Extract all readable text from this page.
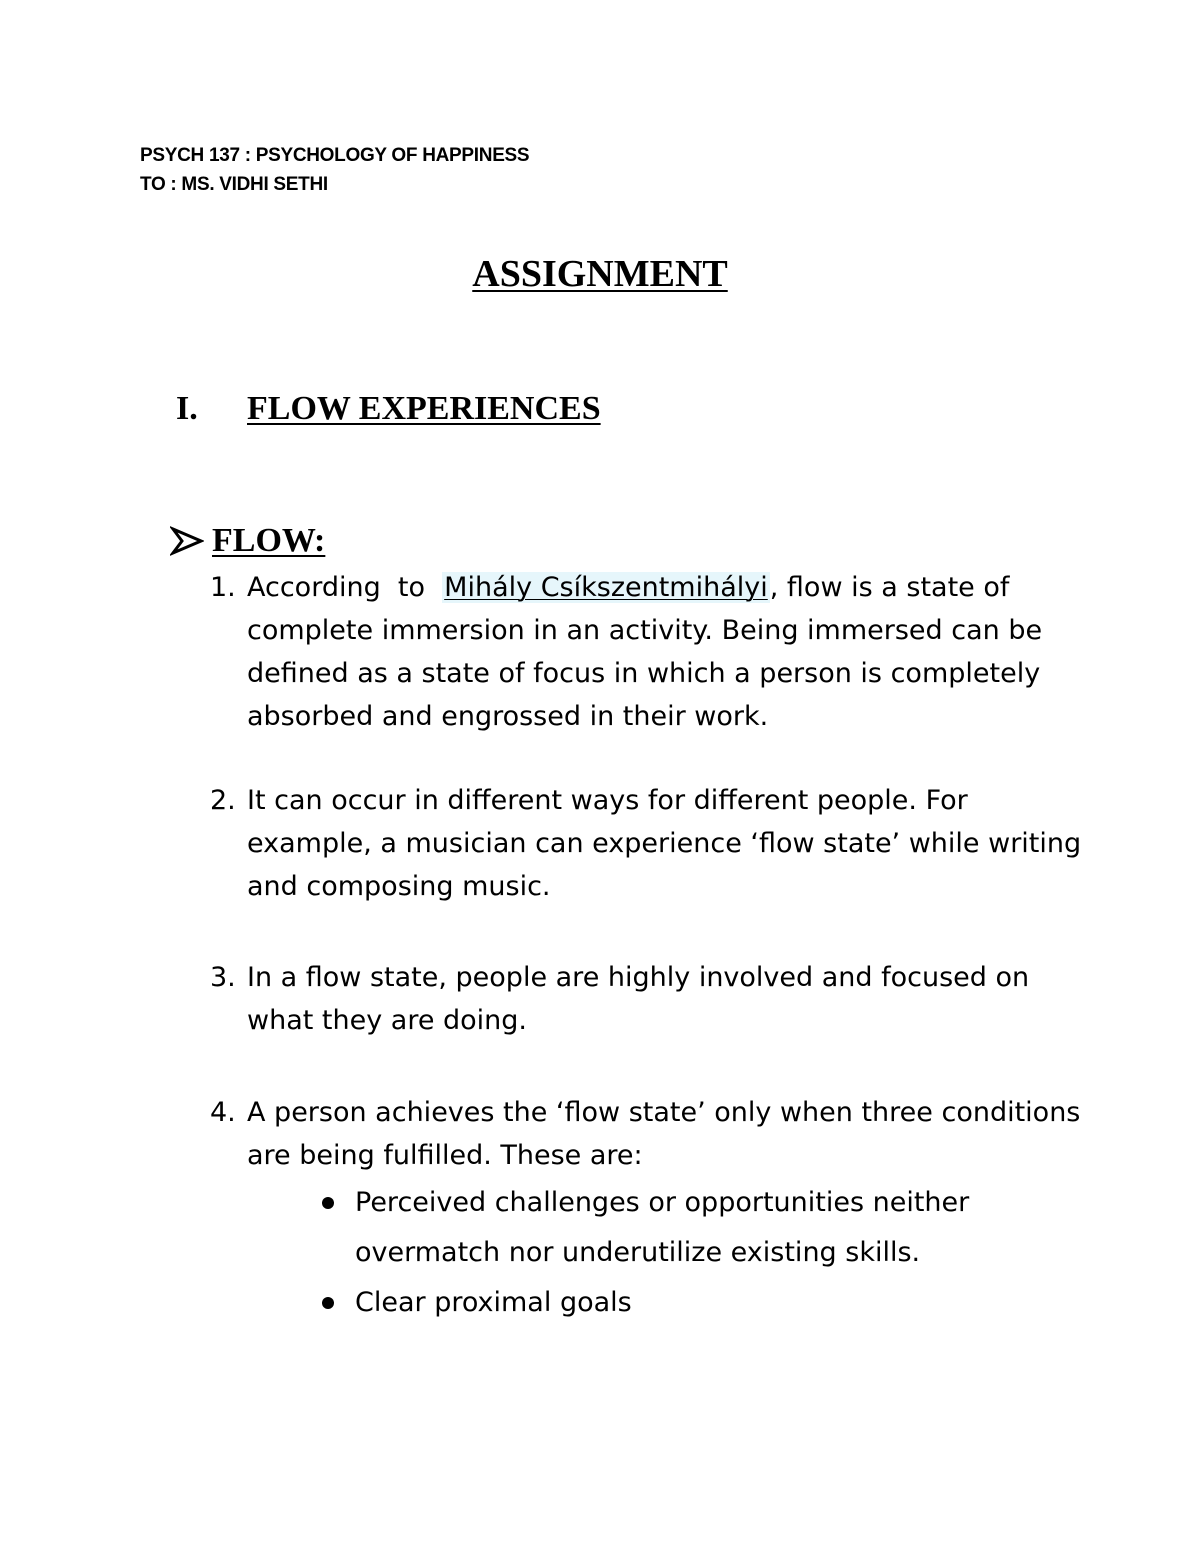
PSYCH 137 : PSYCHOLOGY OF HAPPINESS
TO : MS. VIDHI SETHI
ASSIGNMENT
I. FLOW EXPERIENCES
FLOW:
1. According  to  Mihály Csíkszentmihályi, flow is a state of complete immersion in an activity. Being immersed can be defined as a state of focus in which a person is completely absorbed and engrossed in their work.
2. It can occur in different ways for different people. For example, a musician can experience ‘flow state’ while writing and composing music.
3. In a flow state, people are highly involved and focused on what they are doing.
4. A person achieves the ‘flow state’ only when three conditions are being fulfilled. These are:
Perceived challenges or opportunities neither overmatch nor underutilize existing skills.
Clear proximal goals
